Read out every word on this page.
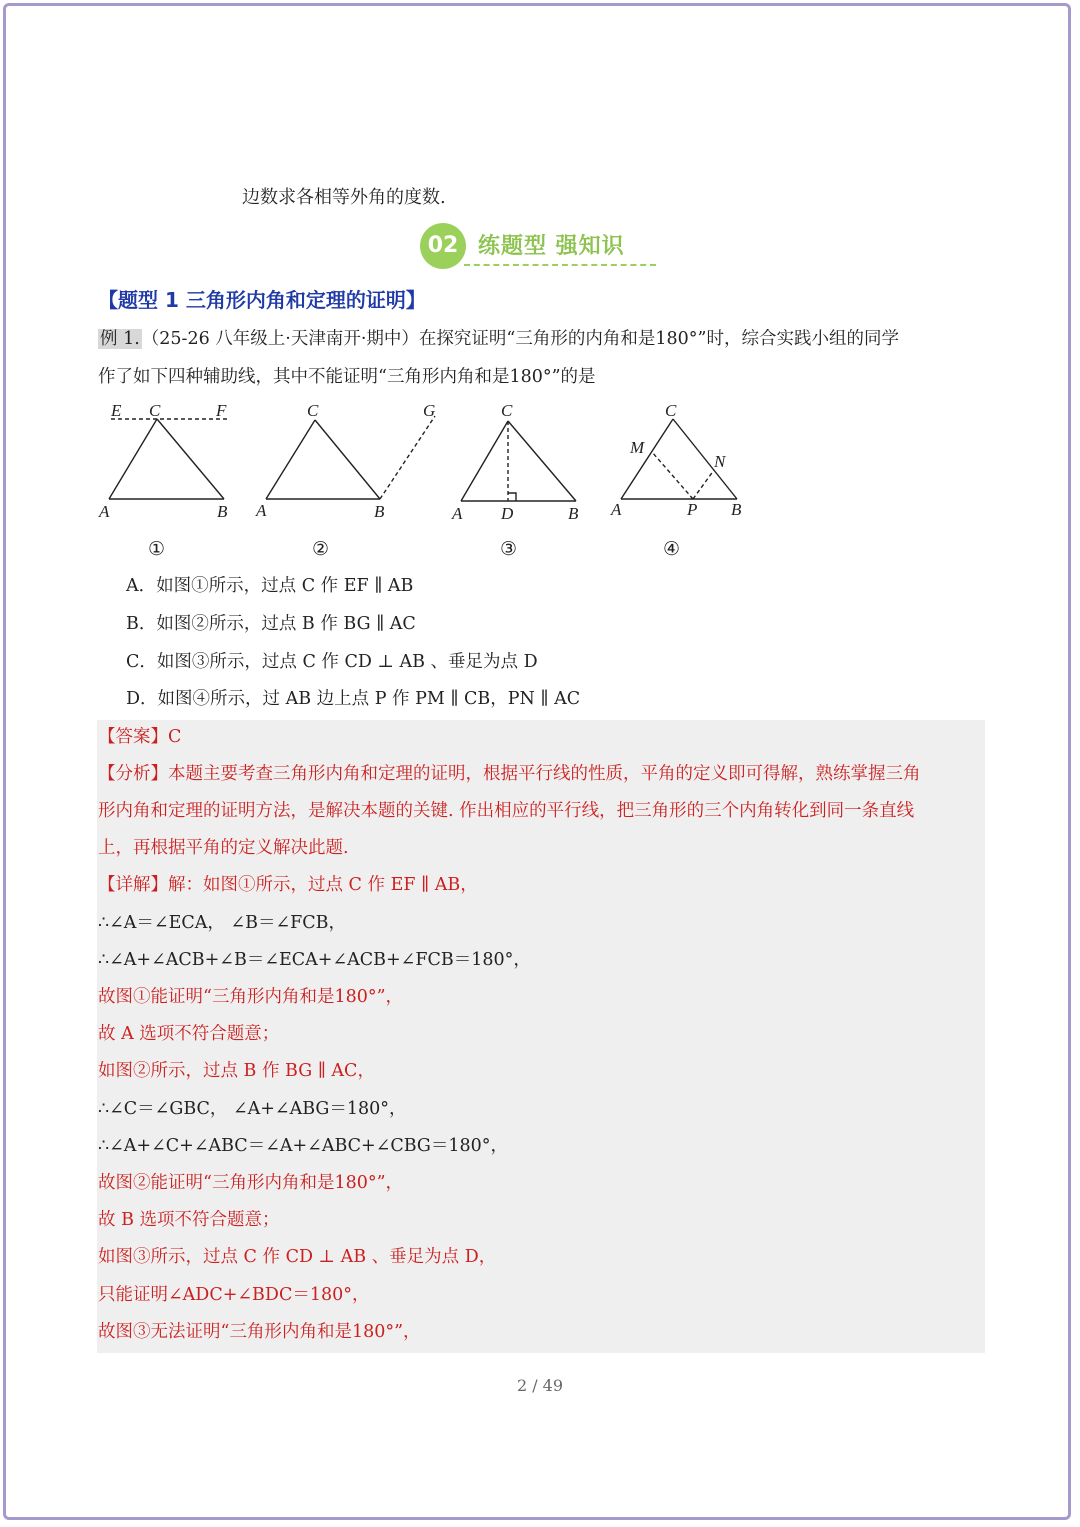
边数求各相等外角的度数.
02 练题型 强知识
【题型 1 三角形内角和定理的证明】
例 1. （25-26 八年级上·天津南开·期中）在探究证明“三角形的内角和是180°”时，综合实践小组的同学
作了如下四种辅助线，其中不能证明“三角形内角和是180°”的是
E C	F
A	B
C	G
A	B
C
A D	B
C
M
N
A	P B
①	②	③	④
A．如图①所示，过点 C 作 EF ∥ AB
B．如图②所示，过点 B 作 BG ∥ AC
C．如图③所示，过点 C 作 CD ⊥ AB 、垂足为点 D
D．如图④所示，过 AB 边上点 P 作 PM ∥ CB，PN ∥ AC
【答案】C
【分析】本题主要考查三角形内角和定理的证明，根据平行线的性质，平角的定义即可得解，熟练掌握三角
形内角和定理的证明方法，是解决本题的关键. 作出相应的平行线，把三角形的三个内角转化到同一条直线
上，再根据平角的定义解决此题.
【详解】解：如图①所示，过点 C 作 EF ∥ AB，
∴∠A＝∠ECA， ∠B＝∠FCB，
∴∠A+∠ACB+∠B＝∠ECA+∠ACB+∠FCB＝180°，
故图①能证明“三角形内角和是180°”，
故 A 选项不符合题意；
如图②所示，过点 B 作 BG ∥ AC，
∴∠C＝∠GBC， ∠A+∠ABG＝180°，
∴∠A+∠C+∠ABC＝∠A+∠ABC+∠CBG＝180°，
故图②能证明“三角形内角和是180°”，
故 B 选项不符合题意；
如图③所示，过点 C 作 CD ⊥ AB 、垂足为点 D，
只能证明∠ADC+∠BDC＝180°，
故图③无法证明“三角形内角和是180°”，
2 / 49
